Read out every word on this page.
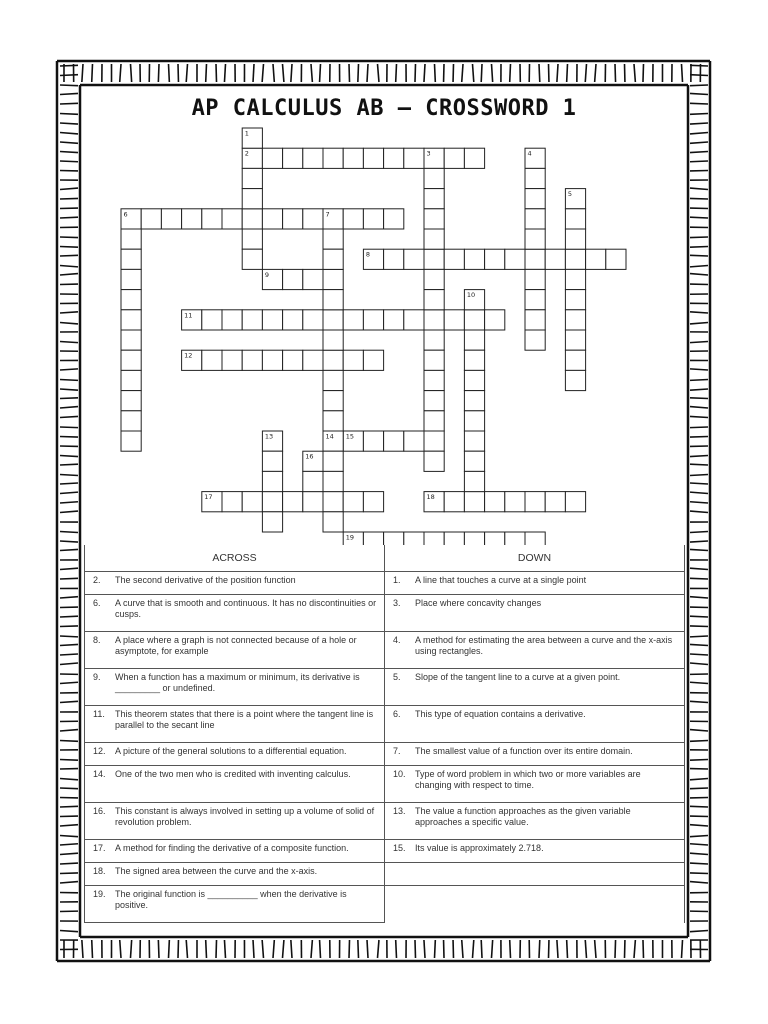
AP CALCULUS AB – CROSSWORD 1
2
6
8
9
11
12
15
17	18
19
1
3	4
5
7
10
13	14
16
ACROSS	DOWN

2. The second derivative of the position function	1. A line that touches a curve at a single point

6. A curve that is smooth and continuous. It has no discontinuities or cusps.	3. Place where concavity changes

8. A place where a graph is not connected because of a hole or asymptote, for example	4. A method for estimating the area between a curve and the x-axis using rectangles.

9. When a function has a maximum or minimum, its derivative is _________ or undefined.	5. Slope of the tangent line to a curve at a given point.

11. This theorem states that there is a point where the tangent line is parallel to the secant line	6. This type of equation contains a derivative.

12. A picture of the general solutions to a differential equation.	7. The smallest value of a function over its entire domain.

14. One of the two men who is credited with inventing calculus.	10. Type of word problem in which two or more variables are changing with respect to time.

16. This constant is always involved in setting up a volume of solid of revolution problem.	13. The value a function approaches as the given variable approaches a specific value.

17. A method for finding the derivative of a composite function.	15. Its value is approximately 2.718.

18. The signed area between the curve and the x-axis.	

19. The original function is __________ when the derivative is positive.	
